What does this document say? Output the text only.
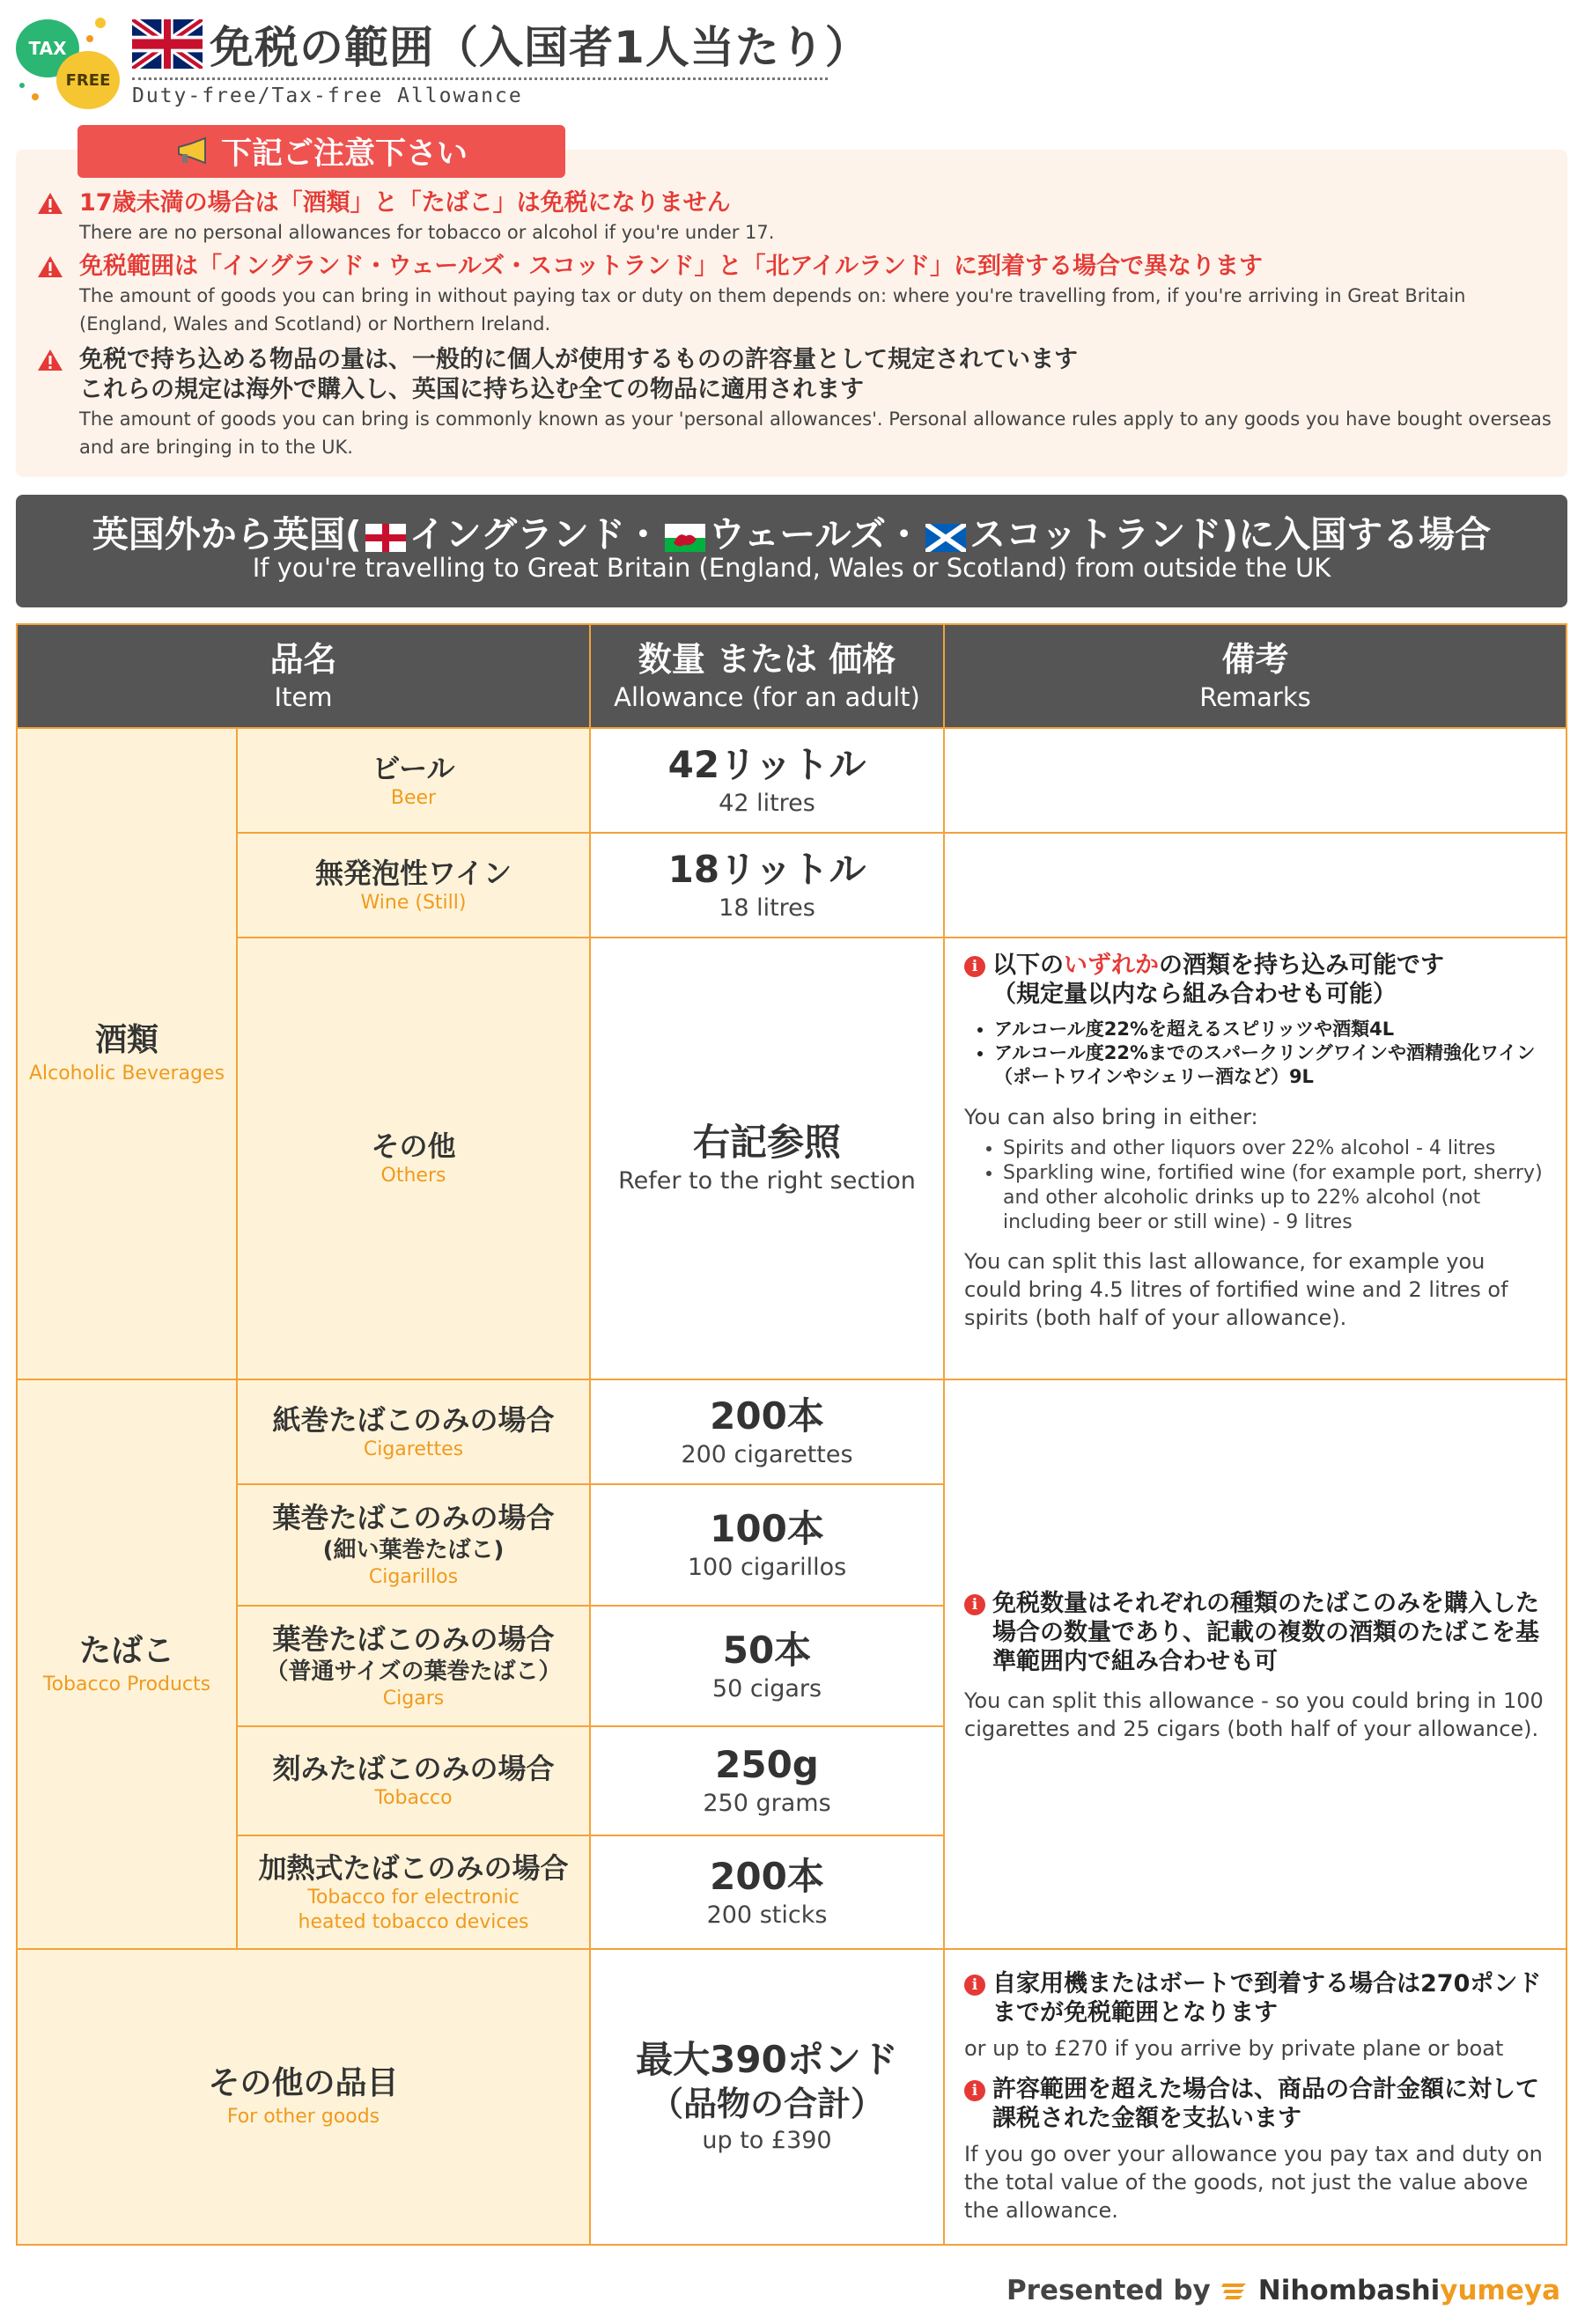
TAX
FREE
免税の範囲（入国者1人当たり）
Duty-free/Tax-free Allowance
下記ご注意下さい
17歳未満の場合は「酒類」と「たばこ」は免税になりません
There are no personal allowances for tobacco or alcohol if you're under 17.
免税範囲は「イングランド・ウェールズ・スコットランド」と「北アイルランド」に到着する場合で異なります
The amount of goods you can bring in without paying tax or duty on them depends on: where you're travelling from, if you're arriving in Great Britain (England, Wales and Scotland) or Northern Ireland.
免税で持ち込める物品の量は、一般的に個人が使用するものの許容量として規定されています
これらの規定は海外で購入し、英国に持ち込む全ての物品に適用されます
The amount of goods you can bring is commonly known as your 'personal allowances'. Personal allowance rules apply to any goods you have bought overseas and are bringing in to the UK.
英国外から英国( イングランド・ ウェールズ・ スコットランド)に入国する場合
If you're travelling to Great Britain (England, Wales or Scotland) from outside the UK
品名
Item
数量 または 価格
Allowance (for an adult)
備考
Remarks
酒類
Alcoholic Beverages
ビール
Beer
42リットル
42 litres
無発泡性ワイン
Wine (Still)
18リットル
18 litres
その他
Others
右記参照
Refer to the right section
i 以下のいずれかの酒類を持ち込み可能です
（規定量以内なら組み合わせも可能）
• アルコール度22%を超えるスピリッツや酒類4L
• アルコール度22%までのスパークリングワインや酒精強化ワイン（ポートワインやシェリー酒など）9L
You can also bring in either:
• Spirits and other liquors over 22% alcohol - 4 litres
• Sparkling wine, fortified wine (for example port, sherry) and other alcoholic drinks up to 22% alcohol (not including beer or still wine) - 9 litres
You can split this last allowance, for example you could bring 4.5 litres of fortified wine and 2 litres of spirits (both half of your allowance).
たばこ
Tobacco Products
紙巻たばこのみの場合
Cigarettes
200本
200 cigarettes
葉巻たばこのみの場合
(細い葉巻たばこ)
Cigarillos
100本
100 cigarillos
葉巻たばこのみの場合
（普通サイズの葉巻たばこ）
Cigars
50本
50 cigars
刻みたばこのみの場合
Tobacco
250g
250 grams
加熱式たばこのみの場合
Tobacco for electronic heated tobacco devices
200本
200 sticks
i 免税数量はそれぞれの種類のたばこのみを購入した場合の数量であり、記載の複数の酒類のたばこを基準範囲内で組み合わせも可
You can split this allowance - so you could bring in 100 cigarettes and 25 cigars (both half of your allowance).
その他の品目
For other goods
最大390ポンド
（品物の合計）
up to £390
i 自家用機またはボートで到着する場合は270ポンドまでが免税範囲となります
or up to £270 if you arrive by private plane or boat
i 許容範囲を超えた場合は、商品の合計金額に対して課税された金額を支払います
If you go over your allowance you pay tax and duty on the total value of the goods, not just the value above the allowance.
Presented by Nihombashiyumeya
